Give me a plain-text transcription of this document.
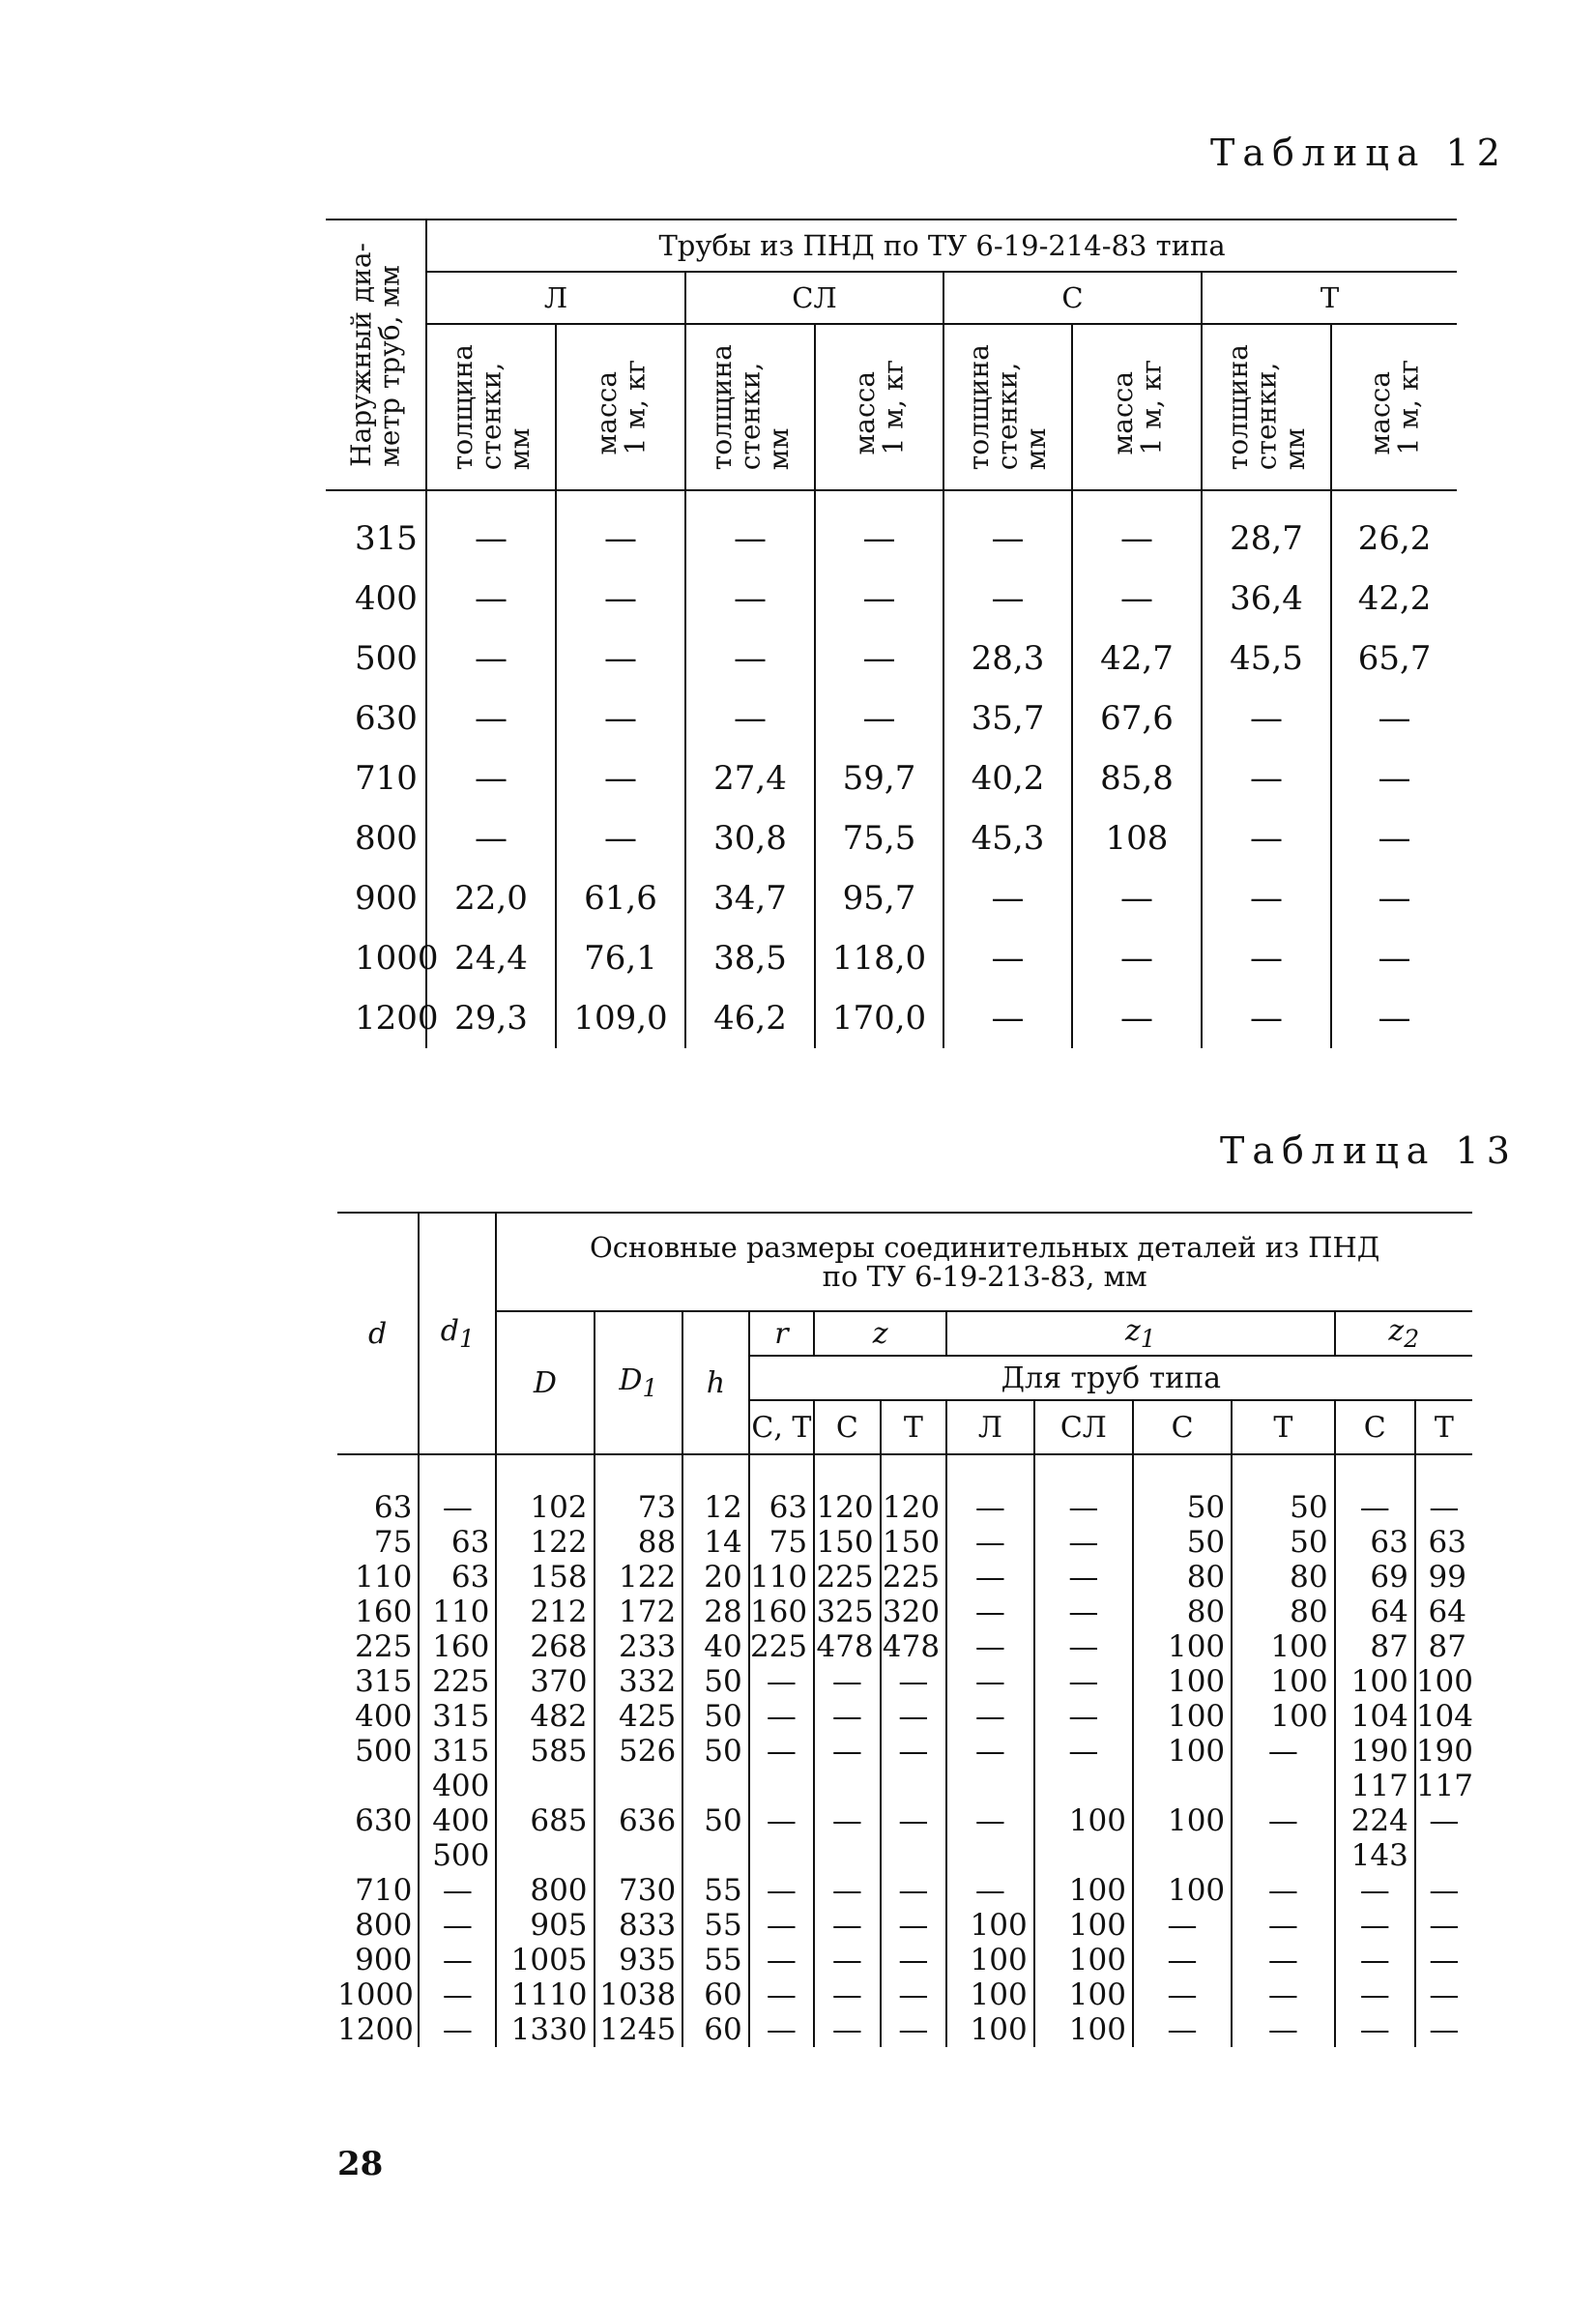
Таблица 12
Наружный диа-
метр труб, мм	Трубы из ПНД по ТУ 6-19-214-83 типа							
	Л		СЛ		С		Т	

	толщина
стенки,
мм	масса
1 м, кг	толщина
стенки,
мм	масса
1 м, кг	толщина
стенки,
мм	масса
1 м, кг	толщина
стенки,
мм	масса
1 м, кг

315	—	—	—	—	—	—	28,7	26,2
400	—	—	—	—	—	—	36,4	42,2
500	—	—	—	—	28,3	42,7	45,5	65,7
630	—	—	—	—	35,7	67,6	—	—
710	—	—	27,4	59,7	40,2	85,8	—	—
800	—	—	30,8	75,5	45,3	108	—	—
900	22,0	61,6	34,7	95,7	—	—	—	—
1000	24,4	76,1	38,5	118,0	—	—	—	—
1200	29,3	109,0	46,2	170,0	—	—	—	—
Таблица 13
d	$d_1$	Основные размеры соединительных деталей из ПНД
по ТУ 6-19-213-83, мм											
		D	$D_1$	h	r	z		$z_1$				$z_2$
					Для труб типа								
					С, Т	С	Т	Л	СЛ	С	Т	С	Т
63	—	102	73	12	63	120	120	—	—	50	50	—	—
75	63	122	88	14	75	150	150	—	—	50	50	63	63
110	63	158	122	20	110	225	225	—	—	80	80	69	99
160	110	212	172	28	160	325	320	—	—	80	80	64	64
225	160	268	233	40	225	478	478	—	—	100	100	87	87
315	225	370	332	50	—	—	—	—	—	100	100	100	100
400	315	482	425	50	—	—	—	—	—	100	100	104	104
500	315	585	526	50	—	—	—	—	—	100	—	190	190
	400											117	117
630	400	685	636	50	—	—	—	—	100	100	—	224	—
	500											143	
710	—	800	730	55	—	—	—	—	100	100	—	—	—
800	—	905	833	55	—	—	—	100	100	—	—	—	—
900	—	1005	935	55	—	—	—	100	100	—	—	—	—
1000	—	1110	1038	60	—	—	—	100	100	—	—	—	—
1200	—	1330	1245	60	—	—	—	100	100	—	—	—	—
28
